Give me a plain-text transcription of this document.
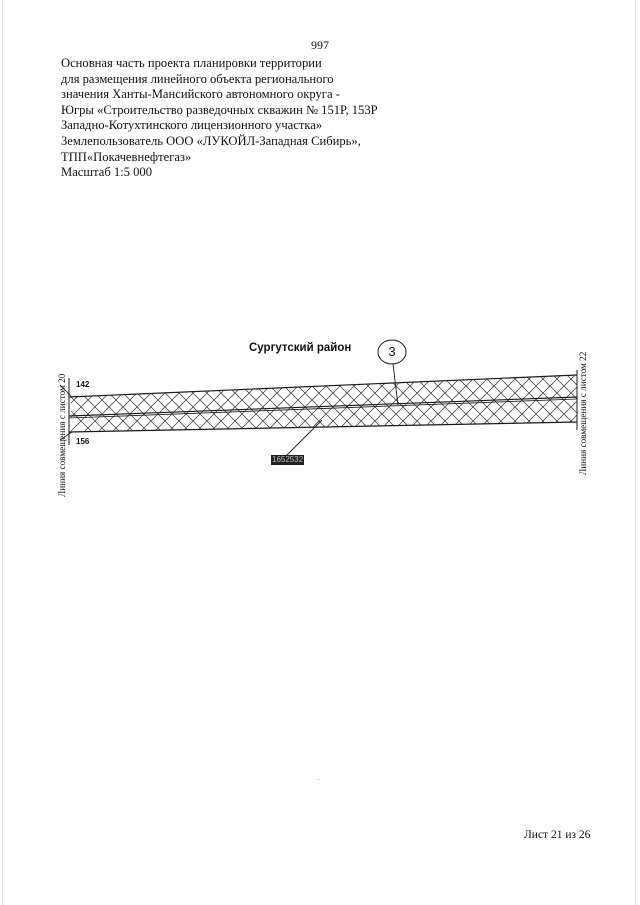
997
Основная часть проекта планировки территории
для размещения линейного объекта регионального
значения Ханты-Мансийского автономного округа -
Югры «Строительство разведочных скважин № 151Р, 153Р
Западно-Котухтинского лицензионного участка»
Землепользователь ООО «ЛУКОЙЛ-Западная Сибирь»,
ТПП«Покачевнефтегаз»
Масштаб 1:5 000
Сургутский район	3
142
156
1652532
Линия совмещения с листом 20	Линия совмещения с листом 22
Лист 21 из 26
